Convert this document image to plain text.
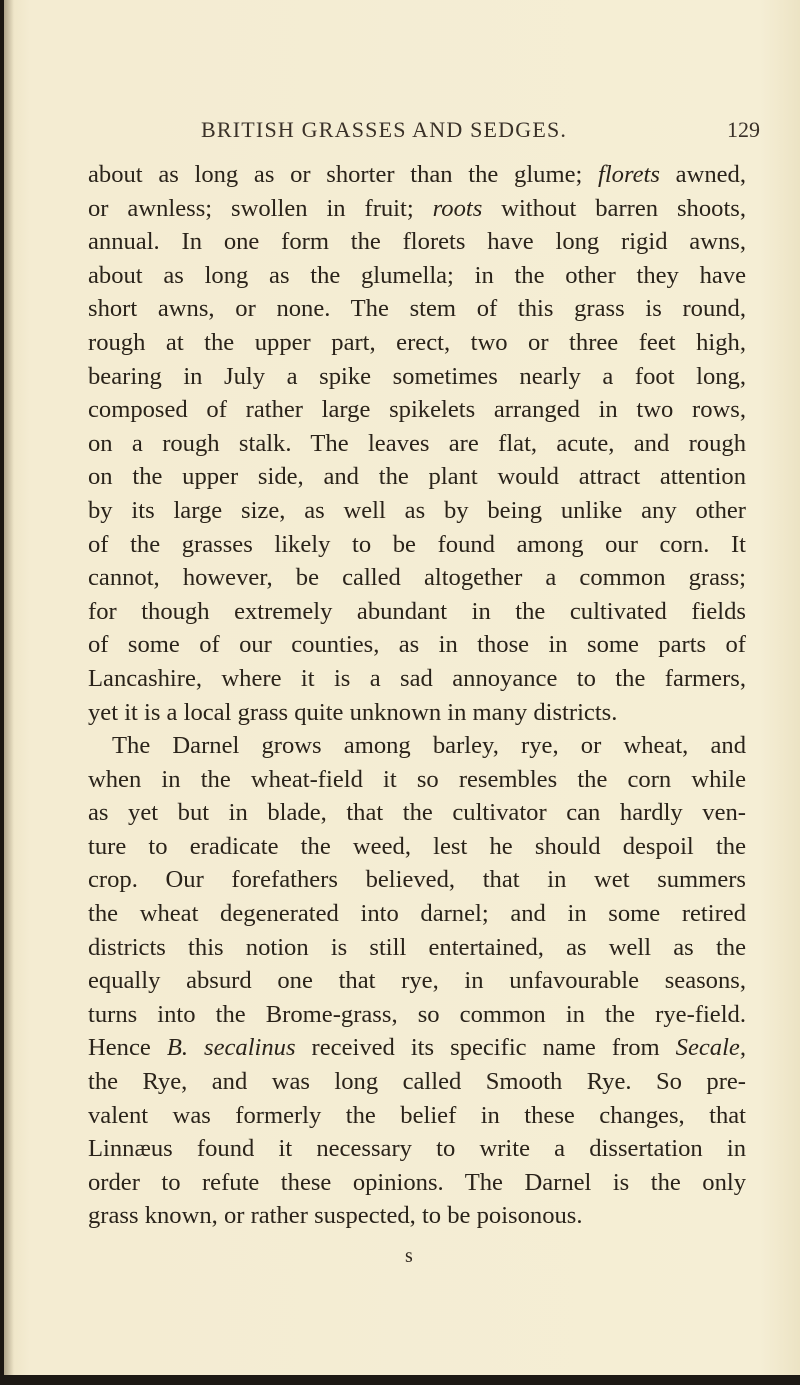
BRITISH GRASSES AND SEDGES.	129
about as long as or shorter than the glume; florets awned,
or awnless; swollen in fruit; roots without barren shoots,
annual. In one form the florets have long rigid awns,
about as long as the glumella; in the other they have
short awns, or none. The stem of this grass is round,
rough at the upper part, erect, two or three feet high,
bearing in July a spike sometimes nearly a foot long,
composed of rather large spikelets arranged in two rows,
on a rough stalk. The leaves are flat, acute, and rough
on the upper side, and the plant would attract attention
by its large size, as well as by being unlike any other
of the grasses likely to be found among our corn. It
cannot, however, be called altogether a common grass;
for though extremely abundant in the cultivated fields
of some of our counties, as in those in some parts of
Lancashire, where it is a sad annoyance to the farmers,
yet it is a local grass quite unknown in many districts.
The Darnel grows among barley, rye, or wheat, and
when in the wheat-field it so resembles the corn while
as yet but in blade, that the cultivator can hardly ven-
ture to eradicate the weed, lest he should despoil the
crop. Our forefathers believed, that in wet summers
the wheat degenerated into darnel; and in some retired
districts this notion is still entertained, as well as the
equally absurd one that rye, in unfavourable seasons,
turns into the Brome-grass, so common in the rye-field.
Hence B. secalinus received its specific name from Secale,
the Rye, and was long called Smooth Rye. So pre-
valent was formerly the belief in these changes, that
Linnæus found it necessary to write a dissertation in
order to refute these opinions. The Darnel is the only
grass known, or rather suspected, to be poisonous.
s
